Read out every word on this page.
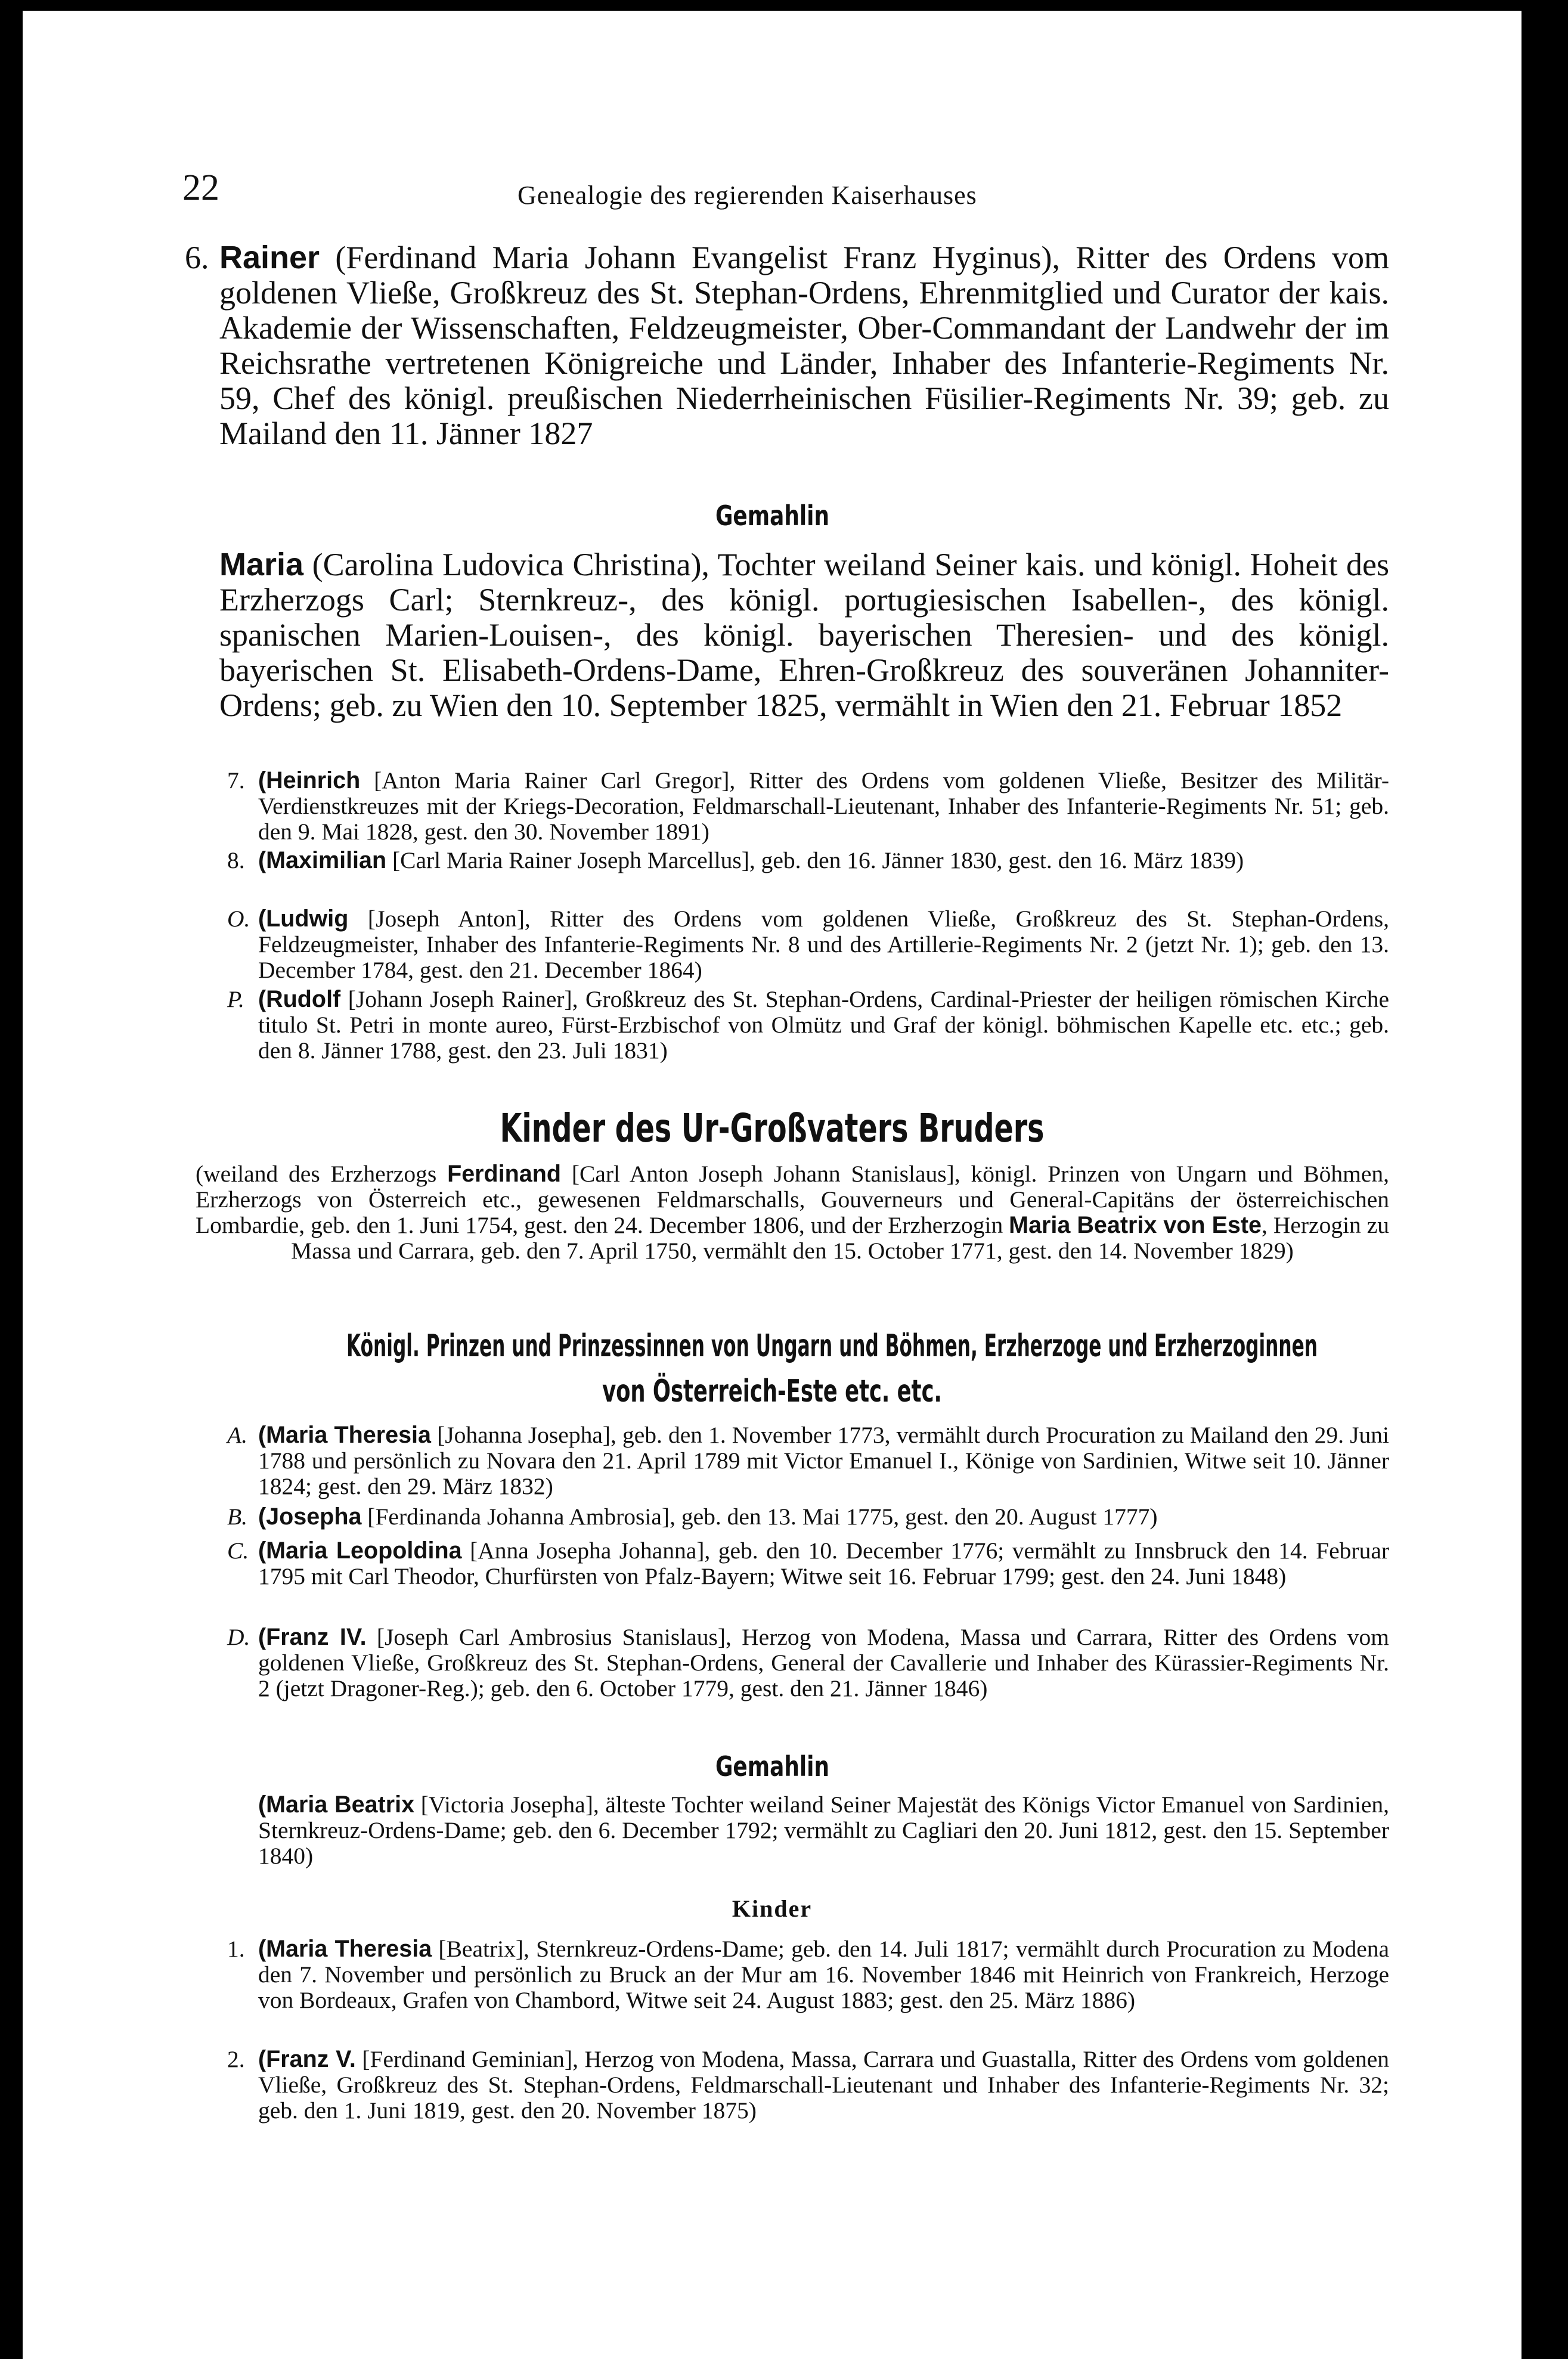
22	Genealogie des regierenden Kaiserhauses
6. Rainer (Ferdinand Maria Johann Evangelist Franz Hyginus), Ritter des Ordens vom goldenen Vließe, Großkreuz des St. Stephan-Ordens, Ehrenmitglied und Curator der kais. Akademie der Wissenschaften, Feldzeugmeister, Ober-Commandant der Landwehr der im Reichsrathe vertretenen Königreiche und Länder, Inhaber des Infanterie-Regiments Nr. 59, Chef des königl. preußischen Niederrheinischen Füsilier-Regiments Nr. 39; geb. zu Mailand den 11. Jänner 1827
Gemahlin
Maria (Carolina Ludovica Christina), Tochter weiland Seiner kais. und königl. Hoheit des Erzherzogs Carl; Sternkreuz-, des königl. portugiesischen Isabellen-, des königl. spanischen Marien-Louisen-, des königl. bayerischen Theresien- und des königl. bayerischen St. Elisabeth-Ordens-Dame, Ehren-Großkreuz des souveränen Johanniter-Ordens; geb. zu Wien den 10. September 1825, vermählt in Wien den 21. Februar 1852
7. (Heinrich [Anton Maria Rainer Carl Gregor], Ritter des Ordens vom goldenen Vließe, Besitzer des Militär-Verdienstkreuzes mit der Kriegs-Decoration, Feldmarschall-Lieutenant, Inhaber des Infanterie-Regiments Nr. 51; geb. den 9. Mai 1828, gest. den 30. November 1891)
8. (Maximilian [Carl Maria Rainer Joseph Marcellus], geb. den 16. Jänner 1830, gest. den 16. März 1839)
O. (Ludwig [Joseph Anton], Ritter des Ordens vom goldenen Vließe, Großkreuz des St. Stephan-Ordens, Feldzeugmeister, Inhaber des Infanterie-Regiments Nr. 8 und des Artillerie-Regiments Nr. 2 (jetzt Nr. 1); geb. den 13. December 1784, gest. den 21. December 1864)
P. (Rudolf [Johann Joseph Rainer], Großkreuz des St. Stephan-Ordens, Cardinal-Priester der heiligen römischen Kirche titulo St. Petri in monte aureo, Fürst-Erzbischof von Olmütz und Graf der königl. böhmischen Kapelle etc. etc.; geb. den 8. Jänner 1788, gest. den 23. Juli 1831)
Kinder des Ur-Großvaters Bruders
(weiland des Erzherzogs Ferdinand [Carl Anton Joseph Johann Stanislaus], königl. Prinzen von Ungarn und Böhmen, Erzherzogs von Österreich etc., gewesenen Feldmarschalls, Gouverneurs und General-Capitäns der österreichischen Lombardie, geb. den 1. Juni 1754, gest. den 24. December 1806, und der Erzherzogin Maria Beatrix von Este, Herzogin zu Massa und Carrara, geb. den 7. April 1750, vermählt den 15. October 1771, gest. den 14. November 1829)
Königl. Prinzen und Prinzessinnen von Ungarn und Böhmen, Erzherzoge und Erzherzoginnen
von Österreich-Este etc. etc.
A. (Maria Theresia [Johanna Josepha], geb. den 1. November 1773, vermählt durch Procuration zu Mailand den 29. Juni 1788 und persönlich zu Novara den 21. April 1789 mit Victor Emanuel I., Könige von Sardinien, Witwe seit 10. Jänner 1824; gest. den 29. März 1832)
B. (Josepha [Ferdinanda Johanna Ambrosia], geb. den 13. Mai 1775, gest. den 20. August 1777)
C. (Maria Leopoldina [Anna Josepha Johanna], geb. den 10. December 1776; vermählt zu Innsbruck den 14. Februar 1795 mit Carl Theodor, Churfürsten von Pfalz-Bayern; Witwe seit 16. Februar 1799; gest. den 24. Juni 1848)
D. (Franz IV. [Joseph Carl Ambrosius Stanislaus], Herzog von Modena, Massa und Carrara, Ritter des Ordens vom goldenen Vließe, Großkreuz des St. Stephan-Ordens, General der Cavallerie und Inhaber des Kürassier-Regiments Nr. 2 (jetzt Dragoner-Reg.); geb. den 6. October 1779, gest. den 21. Jänner 1846)
Gemahlin
(Maria Beatrix [Victoria Josepha], älteste Tochter weiland Seiner Majestät des Königs Victor Emanuel von Sardinien, Sternkreuz-Ordens-Dame; geb. den 6. December 1792; vermählt zu Cagliari den 20. Juni 1812, gest. den 15. September 1840)
Kinder
1. (Maria Theresia [Beatrix], Sternkreuz-Ordens-Dame; geb. den 14. Juli 1817; vermählt durch Procuration zu Modena den 7. November und persönlich zu Bruck an der Mur am 16. November 1846 mit Heinrich von Frankreich, Herzoge von Bordeaux, Grafen von Chambord, Witwe seit 24. August 1883; gest. den 25. März 1886)
2. (Franz V. [Ferdinand Geminian], Herzog von Modena, Massa, Carrara und Guastalla, Ritter des Ordens vom goldenen Vließe, Großkreuz des St. Stephan-Ordens, Feldmarschall-Lieutenant und Inhaber des Infanterie-Regiments Nr. 32; geb. den 1. Juni 1819, gest. den 20. November 1875)
